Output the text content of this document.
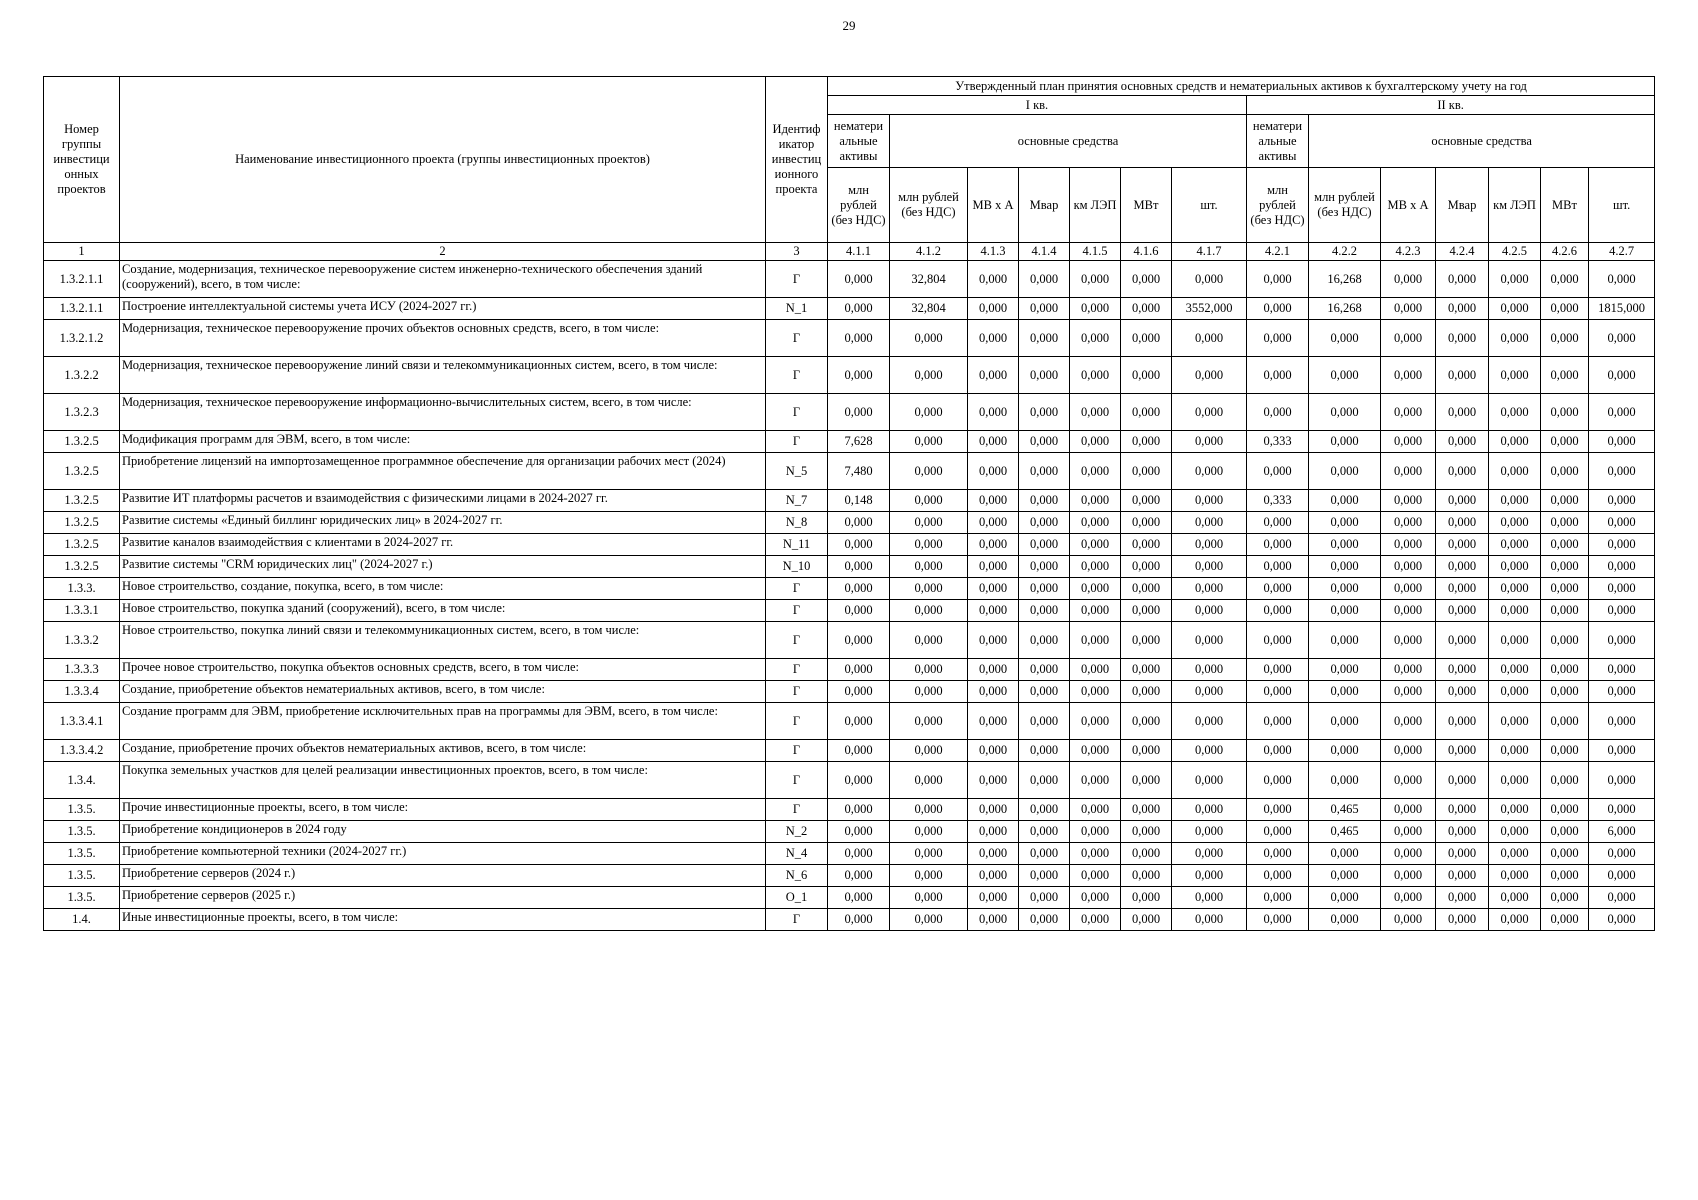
29
Номер группы инвестици онных проектов	Наименование инвестиционного проекта (группы инвестиционных проектов)	Идентиф икатор инвестиц ионного проекта	Утвержденный план принятия основных средств и нематериальных активов к бухгалтерскому учету на год													
			I кв.							II кв.						
			нематери альные активы	основные средства						нематери альные активы	основные средства					
			млн рублей (без НДС)	млн рублей (без НДС)	МВ х А	Мвар	км ЛЭП	МВт	шт.	млн рублей (без НДС)	млн рублей (без НДС)	МВ х А	Мвар	км ЛЭП	МВт	шт.
1	2	3	4.1.1	4.1.2	4.1.3	4.1.4	4.1.5	4.1.6	4.1.7	4.2.1	4.2.2	4.2.3	4.2.4	4.2.5	4.2.6	4.2.7
1.3.2.1.1	Создание, модернизация, техническое перевооружение систем инженерно-технического обеспечения зданий (сооружений), всего, в том числе:	Г	0,000	32,804	0,000	0,000	0,000	0,000	0,000	0,000	16,268	0,000	0,000	0,000	0,000	0,000
1.3.2.1.1	Построение интеллектуальной системы учета ИСУ (2024-2027 гг.)	N_1	0,000	32,804	0,000	0,000	0,000	0,000	3552,000	0,000	16,268	0,000	0,000	0,000	0,000	1815,000
1.3.2.1.2	Модернизация, техническое перевооружение прочих объектов основных средств, всего, в том числе:	Г	0,000	0,000	0,000	0,000	0,000	0,000	0,000	0,000	0,000	0,000	0,000	0,000	0,000	0,000
1.3.2.2	Модернизация, техническое перевооружение линий связи и телекоммуникационных систем, всего, в том числе:	Г	0,000	0,000	0,000	0,000	0,000	0,000	0,000	0,000	0,000	0,000	0,000	0,000	0,000	0,000
1.3.2.3	Модернизация, техническое перевооружение информационно-вычислительных систем, всего, в том числе:	Г	0,000	0,000	0,000	0,000	0,000	0,000	0,000	0,000	0,000	0,000	0,000	0,000	0,000	0,000
1.3.2.5	Модификация программ для ЭВМ, всего, в том числе:	Г	7,628	0,000	0,000	0,000	0,000	0,000	0,000	0,333	0,000	0,000	0,000	0,000	0,000	0,000
1.3.2.5	Приобретение лицензий на импортозамещенное программное обеспечение для организации рабочих мест (2024)	N_5	7,480	0,000	0,000	0,000	0,000	0,000	0,000	0,000	0,000	0,000	0,000	0,000	0,000	0,000
1.3.2.5	Развитие ИТ платформы расчетов и взаимодействия с физическими лицами в 2024-2027 гг.	N_7	0,148	0,000	0,000	0,000	0,000	0,000	0,000	0,333	0,000	0,000	0,000	0,000	0,000	0,000
1.3.2.5	Развитие системы «Единый биллинг юридических лиц» в 2024-2027 гг.	N_8	0,000	0,000	0,000	0,000	0,000	0,000	0,000	0,000	0,000	0,000	0,000	0,000	0,000	0,000
1.3.2.5	Развитие каналов взаимодействия с клиентами в 2024-2027 гг.	N_11	0,000	0,000	0,000	0,000	0,000	0,000	0,000	0,000	0,000	0,000	0,000	0,000	0,000	0,000
1.3.2.5	Развитие системы "CRM юридических лиц" (2024-2027 г.)	N_10	0,000	0,000	0,000	0,000	0,000	0,000	0,000	0,000	0,000	0,000	0,000	0,000	0,000	0,000
1.3.3.	Новое строительство, создание, покупка, всего, в том числе:	Г	0,000	0,000	0,000	0,000	0,000	0,000	0,000	0,000	0,000	0,000	0,000	0,000	0,000	0,000
1.3.3.1	Новое строительство, покупка зданий (сооружений), всего, в том числе:	Г	0,000	0,000	0,000	0,000	0,000	0,000	0,000	0,000	0,000	0,000	0,000	0,000	0,000	0,000
1.3.3.2	Новое строительство, покупка линий связи и телекоммуникационных систем, всего, в том числе:	Г	0,000	0,000	0,000	0,000	0,000	0,000	0,000	0,000	0,000	0,000	0,000	0,000	0,000	0,000
1.3.3.3	Прочее новое строительство, покупка объектов основных средств, всего, в том числе:	Г	0,000	0,000	0,000	0,000	0,000	0,000	0,000	0,000	0,000	0,000	0,000	0,000	0,000	0,000
1.3.3.4	Создание, приобретение объектов нематериальных активов, всего, в том числе:	Г	0,000	0,000	0,000	0,000	0,000	0,000	0,000	0,000	0,000	0,000	0,000	0,000	0,000	0,000
1.3.3.4.1	Создание программ для ЭВМ, приобретение исключительных прав на программы для ЭВМ, всего, в том числе:	Г	0,000	0,000	0,000	0,000	0,000	0,000	0,000	0,000	0,000	0,000	0,000	0,000	0,000	0,000
1.3.3.4.2	Создание, приобретение прочих объектов нематериальных активов, всего, в том числе:	Г	0,000	0,000	0,000	0,000	0,000	0,000	0,000	0,000	0,000	0,000	0,000	0,000	0,000	0,000
1.3.4.	Покупка земельных участков для целей реализации инвестиционных проектов, всего, в том числе:	Г	0,000	0,000	0,000	0,000	0,000	0,000	0,000	0,000	0,000	0,000	0,000	0,000	0,000	0,000
1.3.5.	Прочие инвестиционные проекты, всего, в том числе:	Г	0,000	0,000	0,000	0,000	0,000	0,000	0,000	0,000	0,465	0,000	0,000	0,000	0,000	0,000
1.3.5.	Приобретение кондиционеров в 2024 году	N_2	0,000	0,000	0,000	0,000	0,000	0,000	0,000	0,000	0,465	0,000	0,000	0,000	0,000	6,000
1.3.5.	Приобретение компьютерной техники (2024-2027 гг.)	N_4	0,000	0,000	0,000	0,000	0,000	0,000	0,000	0,000	0,000	0,000	0,000	0,000	0,000	0,000
1.3.5.	Приобретение серверов (2024 г.)	N_6	0,000	0,000	0,000	0,000	0,000	0,000	0,000	0,000	0,000	0,000	0,000	0,000	0,000	0,000
1.3.5.	Приобретение серверов (2025 г.)	O_1	0,000	0,000	0,000	0,000	0,000	0,000	0,000	0,000	0,000	0,000	0,000	0,000	0,000	0,000
1.4.	Иные инвестиционные проекты, всего, в том числе:	Г	0,000	0,000	0,000	0,000	0,000	0,000	0,000	0,000	0,000	0,000	0,000	0,000	0,000	0,000
